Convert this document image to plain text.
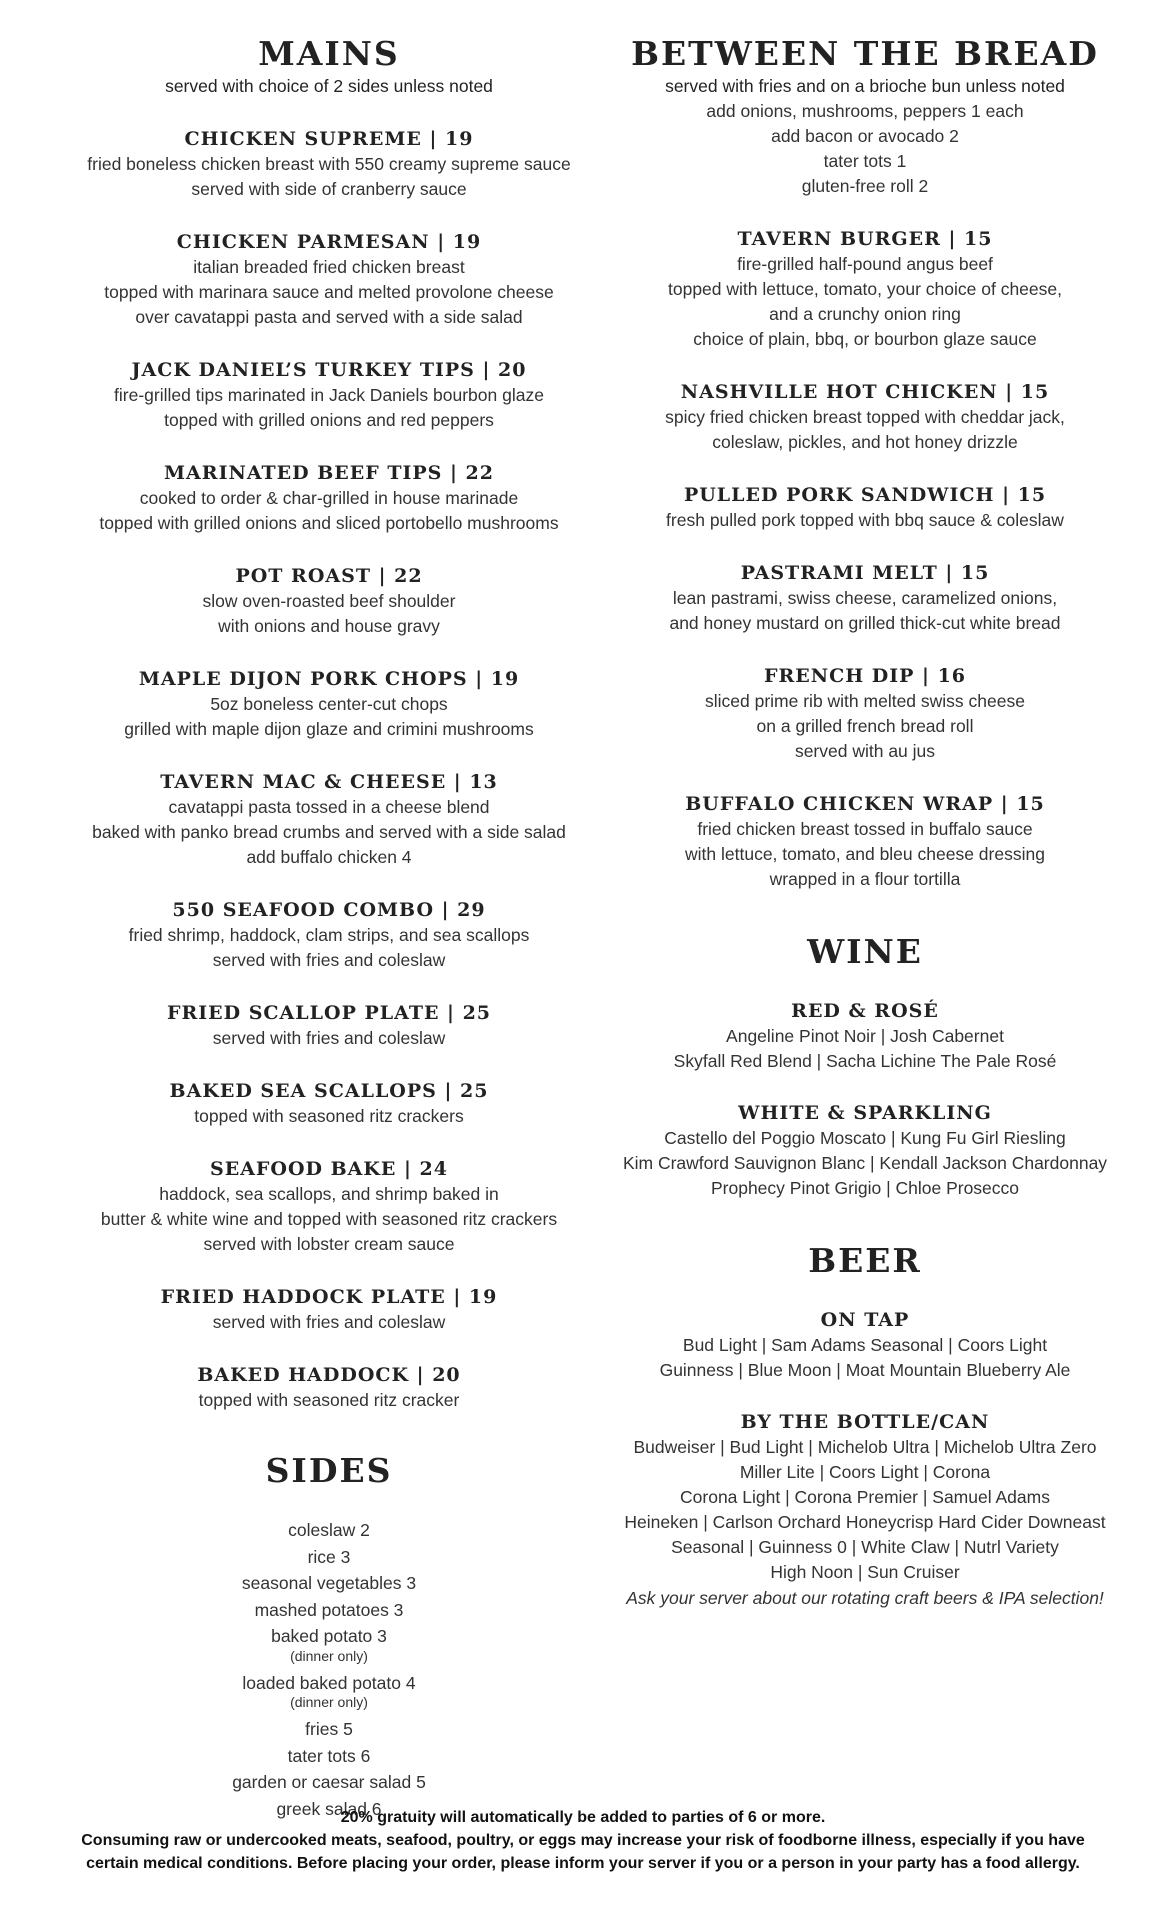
MAINS
served with choice of 2 sides unless noted
CHICKEN SUPREME | 19
fried boneless chicken breast with 550 creamy supreme sauce
served with side of cranberry sauce
CHICKEN PARMESAN | 19
italian breaded fried chicken breast
topped with marinara sauce and melted provolone cheese
over cavatappi pasta and served with a side salad
JACK DANIEL’S TURKEY TIPS | 20
fire-grilled tips marinated in Jack Daniels bourbon glaze
topped with grilled onions and red peppers
MARINATED BEEF TIPS | 22
cooked to order & char-grilled in house marinade
topped with grilled onions and sliced portobello mushrooms
POT ROAST | 22
slow oven-roasted beef shoulder
with onions and house gravy
MAPLE DIJON PORK CHOPS | 19
5oz boneless center-cut chops
grilled with maple dijon glaze and crimini mushrooms
TAVERN MAC & CHEESE | 13
cavatappi pasta tossed in a cheese blend
baked with panko bread crumbs and served with a side salad
add buffalo chicken 4
550 SEAFOOD COMBO | 29
fried shrimp, haddock, clam strips, and sea scallops
served with fries and coleslaw
FRIED SCALLOP PLATE | 25
served with fries and coleslaw
BAKED SEA SCALLOPS | 25
topped with seasoned ritz crackers
SEAFOOD BAKE | 24
haddock, sea scallops, and shrimp baked in
butter & white wine and topped with seasoned ritz crackers
served with lobster cream sauce
FRIED HADDOCK PLATE | 19
served with fries and coleslaw
BAKED HADDOCK | 20
topped with seasoned ritz cracker
SIDES
coleslaw 2
rice 3
seasonal vegetables 3
mashed potatoes 3
baked potato 3
(dinner only)
loaded baked potato 4
(dinner only)
fries 5
tater tots 6
garden or caesar salad 5
greek salad 6
BETWEEN THE BREAD
served with fries and on a brioche bun unless noted
add onions, mushrooms, peppers 1 each
add bacon or avocado 2
tater tots 1
gluten-free roll 2
TAVERN BURGER | 15
fire-grilled half-pound angus beef
topped with lettuce, tomato, your choice of cheese,
and a crunchy onion ring
choice of plain, bbq, or bourbon glaze sauce
NASHVILLE HOT CHICKEN | 15
spicy fried chicken breast topped with cheddar jack,
coleslaw, pickles, and hot honey drizzle
PULLED PORK SANDWICH | 15
fresh pulled pork topped with bbq sauce & coleslaw
PASTRAMI MELT | 15
lean pastrami, swiss cheese, caramelized onions,
and honey mustard on grilled thick-cut white bread
FRENCH DIP | 16
sliced prime rib with melted swiss cheese
on a grilled french bread roll
served with au jus
BUFFALO CHICKEN WRAP | 15
fried chicken breast tossed in buffalo sauce
with lettuce, tomato, and bleu cheese dressing
wrapped in a flour tortilla
WINE
RED & ROSÉ
Angeline Pinot Noir | Josh Cabernet
Skyfall Red Blend | Sacha Lichine The Pale Rosé
WHITE & SPARKLING
Castello del Poggio Moscato | Kung Fu Girl Riesling
Kim Crawford Sauvignon Blanc | Kendall Jackson Chardonnay
Prophecy Pinot Grigio | Chloe Prosecco
BEER
ON TAP
Bud Light | Sam Adams Seasonal | Coors Light
Guinness | Blue Moon | Moat Mountain Blueberry Ale
BY THE BOTTLE/CAN
Budweiser | Bud Light | Michelob Ultra | Michelob Ultra Zero
Miller Lite | Coors Light | Corona
Corona Light | Corona Premier | Samuel Adams
Heineken | Carlson Orchard Honeycrisp Hard Cider Downeast
Seasonal | Guinness 0 | White Claw | Nutrl Variety
High Noon | Sun Cruiser
Ask your server about our rotating craft beers & IPA selection!
20% gratuity will automatically be added to parties of 6 or more.
Consuming raw or undercooked meats, seafood, poultry, or eggs may increase your risk of foodborne illness, especially if you have
certain medical conditions. Before placing your order, please inform your server if you or a person in your party has a food allergy.
